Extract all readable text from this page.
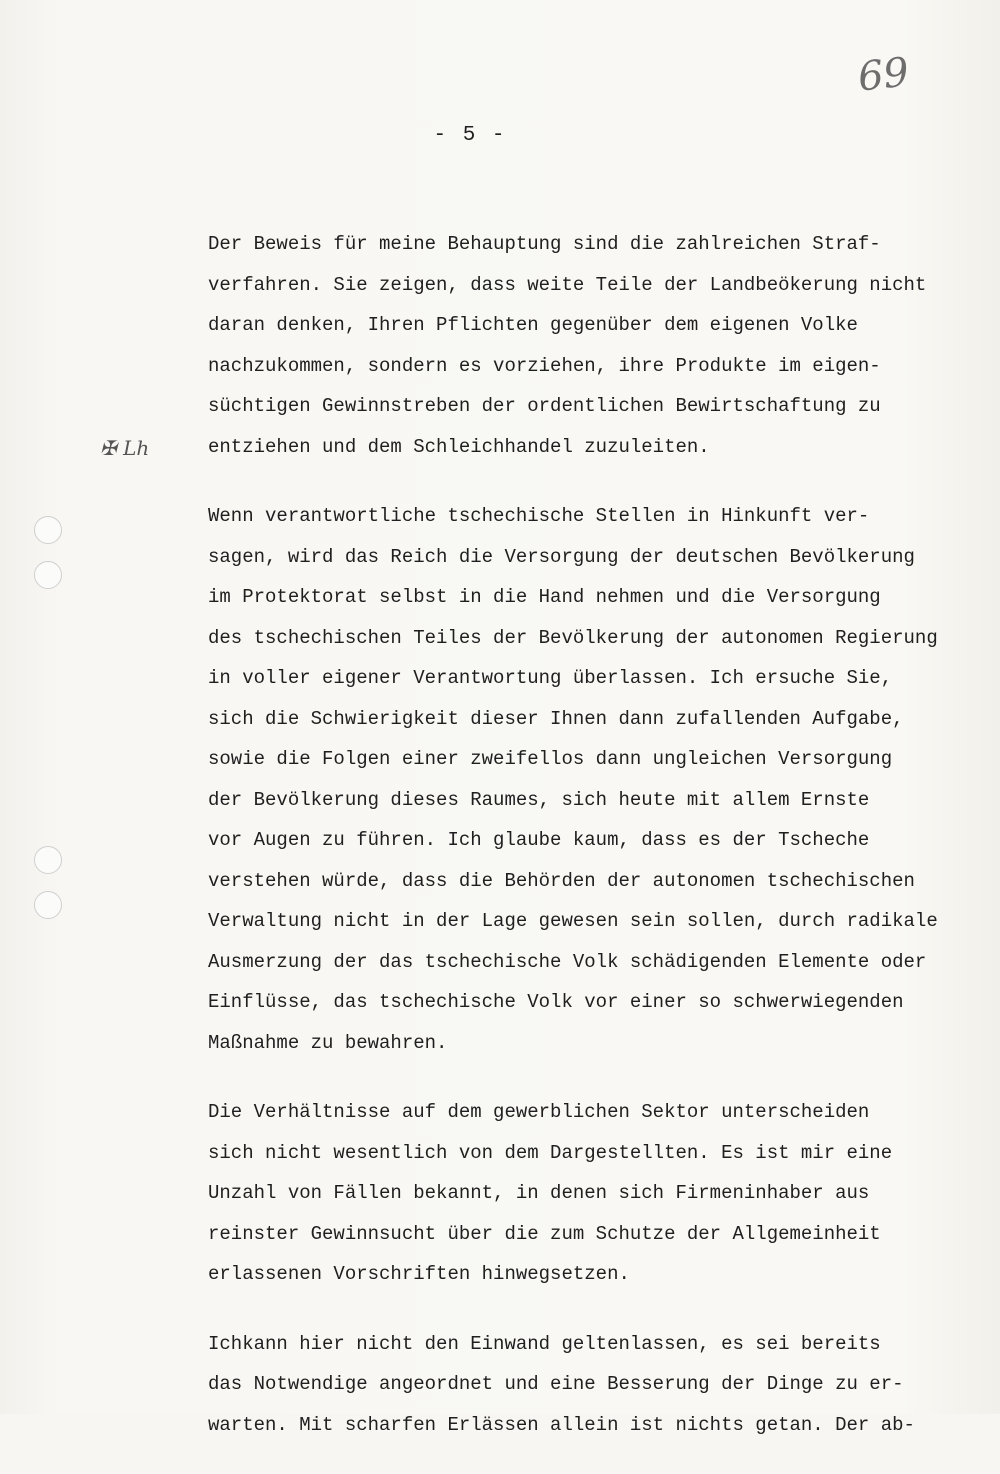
69
- 5 -
✠ Lh
Der Beweis für meine Behauptung sind die zahlreichen Straf-
verfahren. Sie zeigen, dass weite Teile der Landbeökerung nicht
daran denken, Ihren Pflichten gegenüber dem eigenen Volke
nachzukommen, sondern es vorziehen, ihre Produkte im eigen-
süchtigen Gewinnstreben der ordentlichen Bewirtschaftung zu
entziehen und dem Schleichhandel zuzuleiten.
Wenn verantwortliche tschechische Stellen in Hinkunft ver-
sagen, wird das Reich die Versorgung der deutschen Bevölkerung
im Protektorat selbst in die Hand nehmen und die Versorgung
des tschechischen Teiles der Bevölkerung der autonomen Regierung
in voller eigener Verantwortung überlassen. Ich ersuche Sie,
sich die Schwierigkeit dieser Ihnen dann zufallenden Aufgabe,
sowie die Folgen einer zweifellos dann ungleichen Versorgung
der Bevölkerung dieses Raumes, sich heute mit allem Ernste
vor Augen zu führen. Ich glaube kaum, dass es der Tscheche
verstehen würde, dass die Behörden der autonomen tschechischen
Verwaltung nicht in der Lage gewesen sein sollen, durch radikale
Ausmerzung der das tschechische Volk schädigenden Elemente oder
Einflüsse, das tschechische Volk vor einer so schwerwiegenden
Maßnahme zu bewahren.
Die Verhältnisse auf dem gewerblichen Sektor unterscheiden
sich nicht wesentlich von dem Dargestellten. Es ist mir eine
Unzahl von Fällen bekannt, in denen sich Firmeninhaber aus
reinster Gewinnsucht über die zum Schutze der Allgemeinheit
erlassenen Vorschriften hinwegsetzen.
Ichkann hier nicht den Einwand geltenlassen, es sei bereits
das Notwendige angeordnet und eine Besserung der Dinge zu er-
warten. Mit scharfen Erlässen allein ist nichts getan. Der ab-
